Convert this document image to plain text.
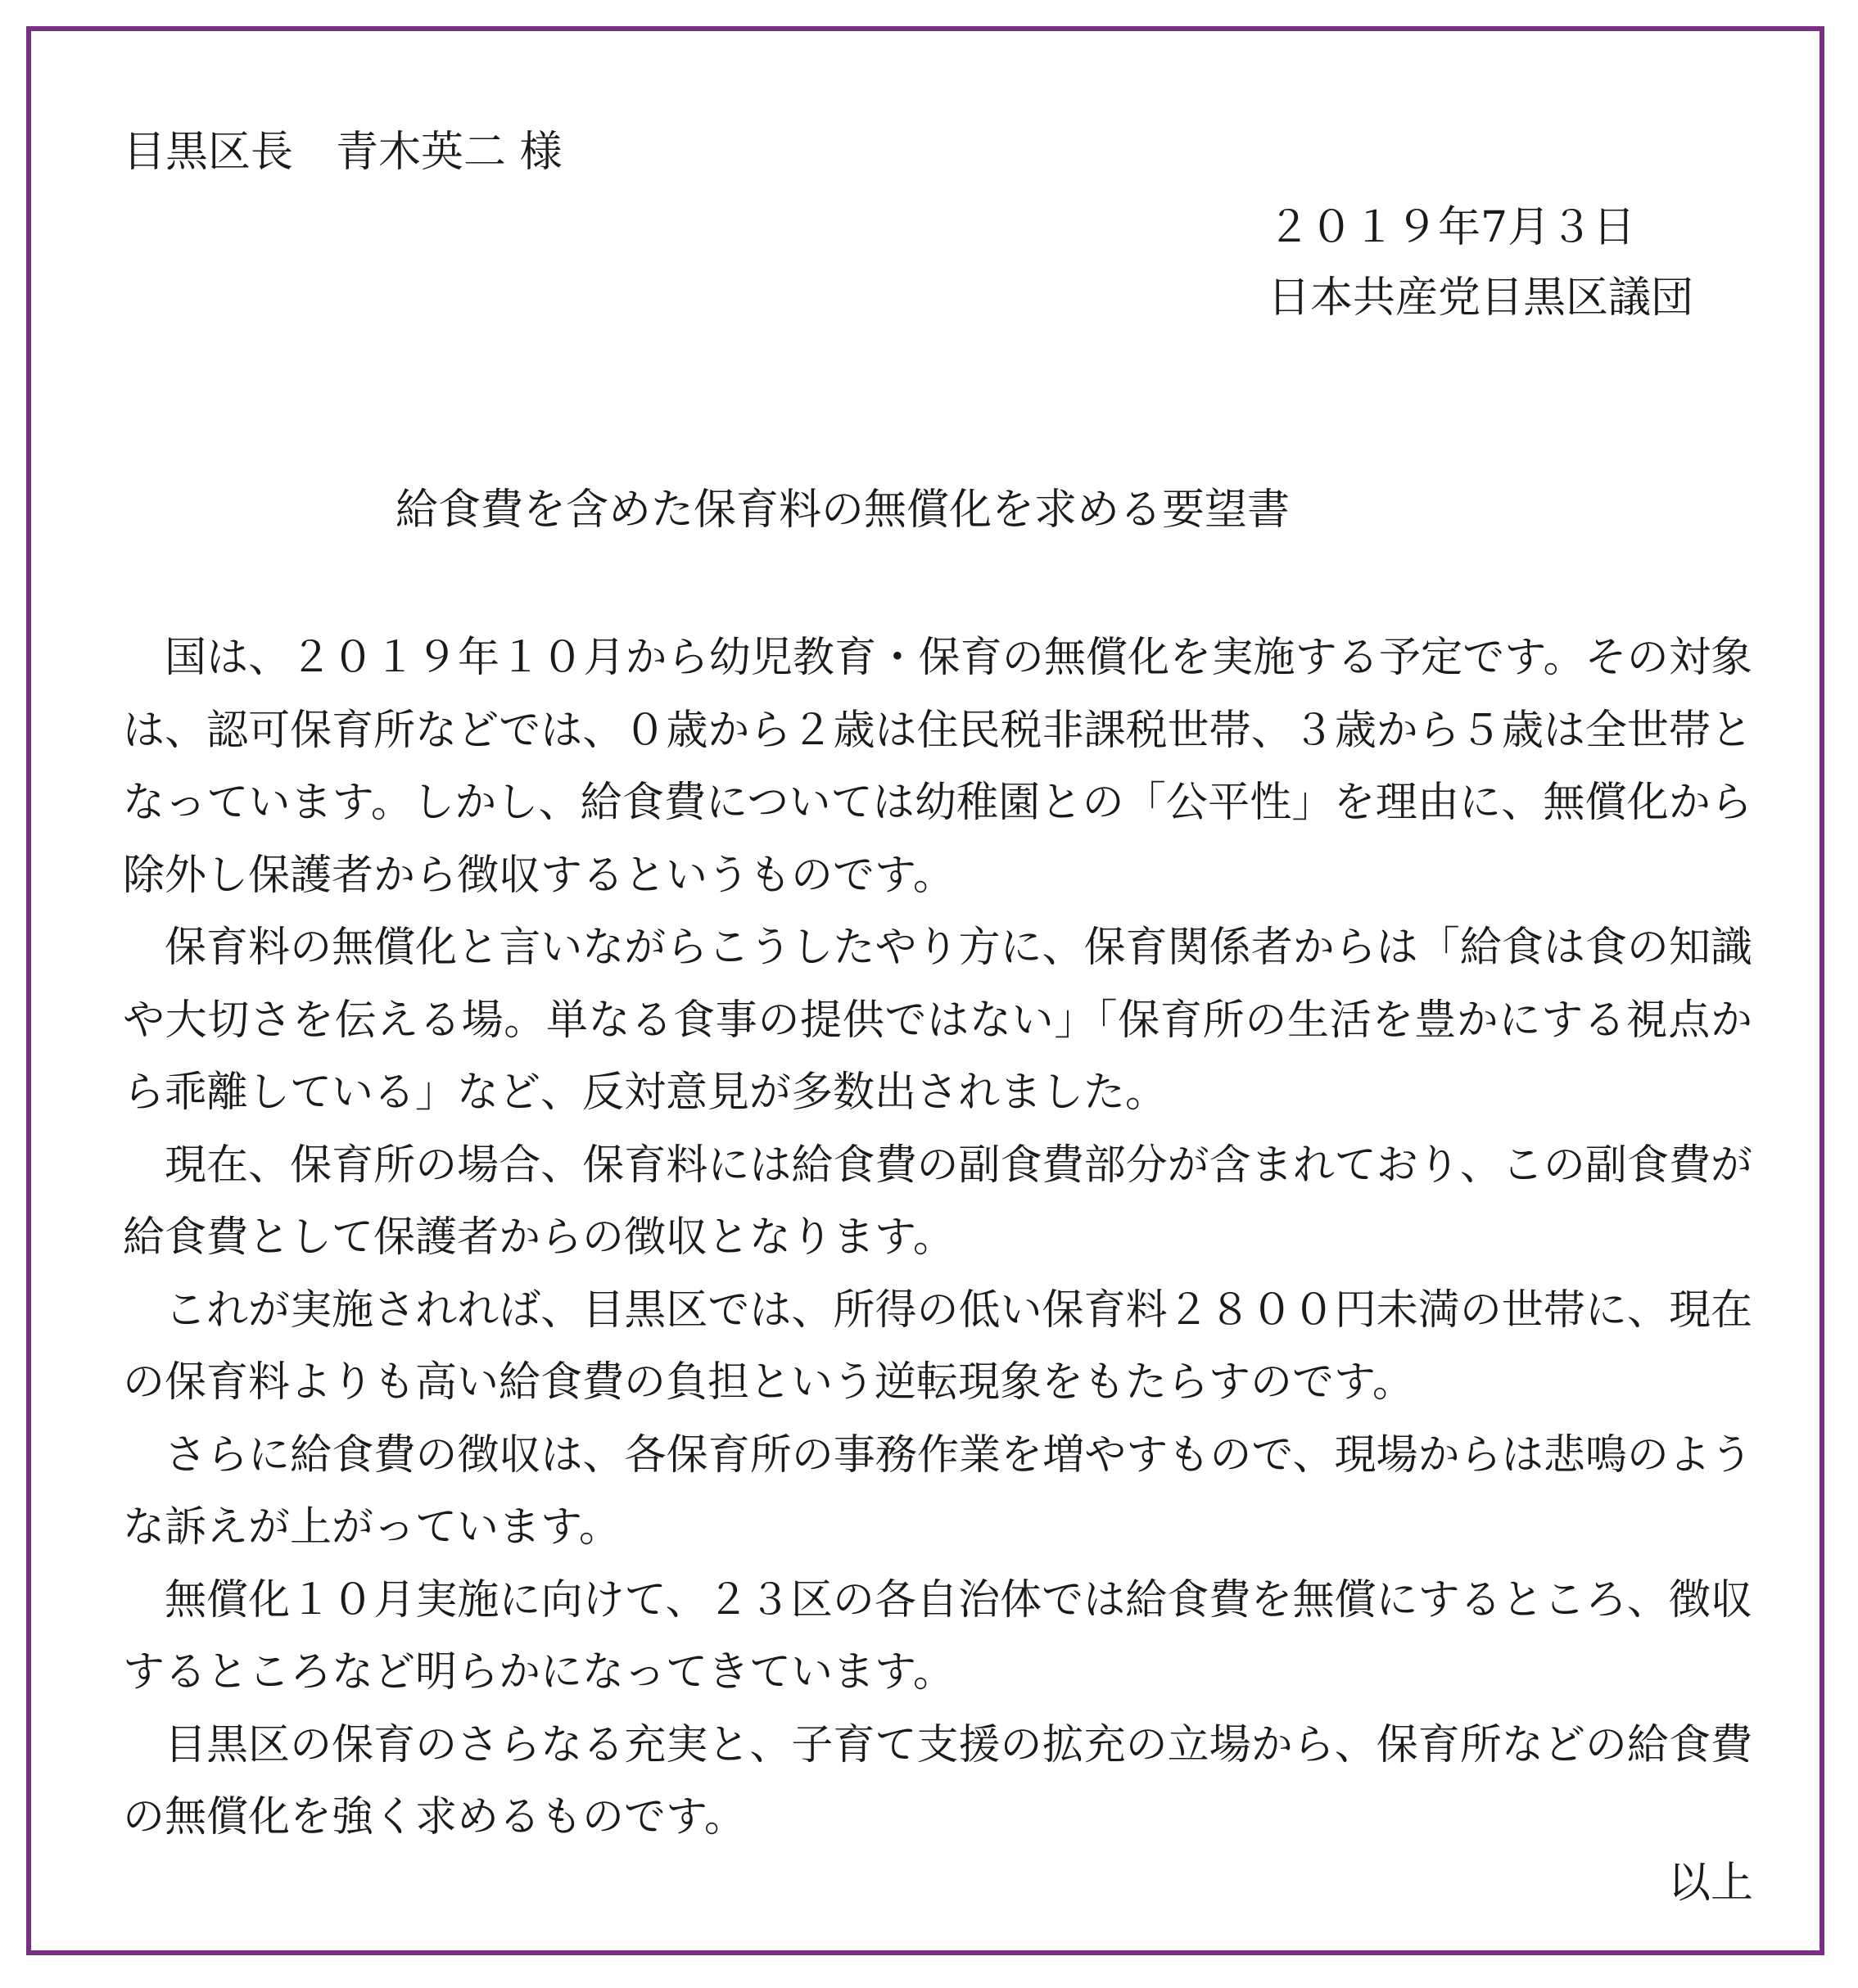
目黒区長　青木英二 様
２０１９年7月３日
日本共産党目黒区議団
給食費を含めた保育料の無償化を求める要望書

国は、２０１９年１０月から幼児教育・保育の無償化を実施する予定です。その対象は、認可保育所などでは、０歳から２歳は住民税非課税世帯、３歳から５歳は全世帯となっています。しかし、給食費については幼稚園との「公平性」を理由に、無償化から除外し保護者から徴収するというものです。

保育料の無償化と言いながらこうしたやり方に、保育関係者からは「給食は食の知識や大切さを伝える場。単なる食事の提供ではない」「保育所の生活を豊かにする視点から乖離している」など、反対意見が多数出されました。

現在、保育所の場合、保育料には給食費の副食費部分が含まれており、この副食費が給食費として保護者からの徴収となります。

これが実施されれば、目黒区では、所得の低い保育料２８００円未満の世帯に、現在の保育料よりも高い給食費の負担という逆転現象をもたらすのです。

さらに給食費の徴収は、各保育所の事務作業を増やすもので、現場からは悲鳴のような訴えが上がっています。

無償化１０月実施に向けて、２３区の各自治体では給食費を無償にするところ、徴収するところなど明らかになってきています。

目黒区の保育のさらなる充実と、子育て支援の拡充の立場から、保育所などの給食費の無償化を強く求めるものです。

以上
